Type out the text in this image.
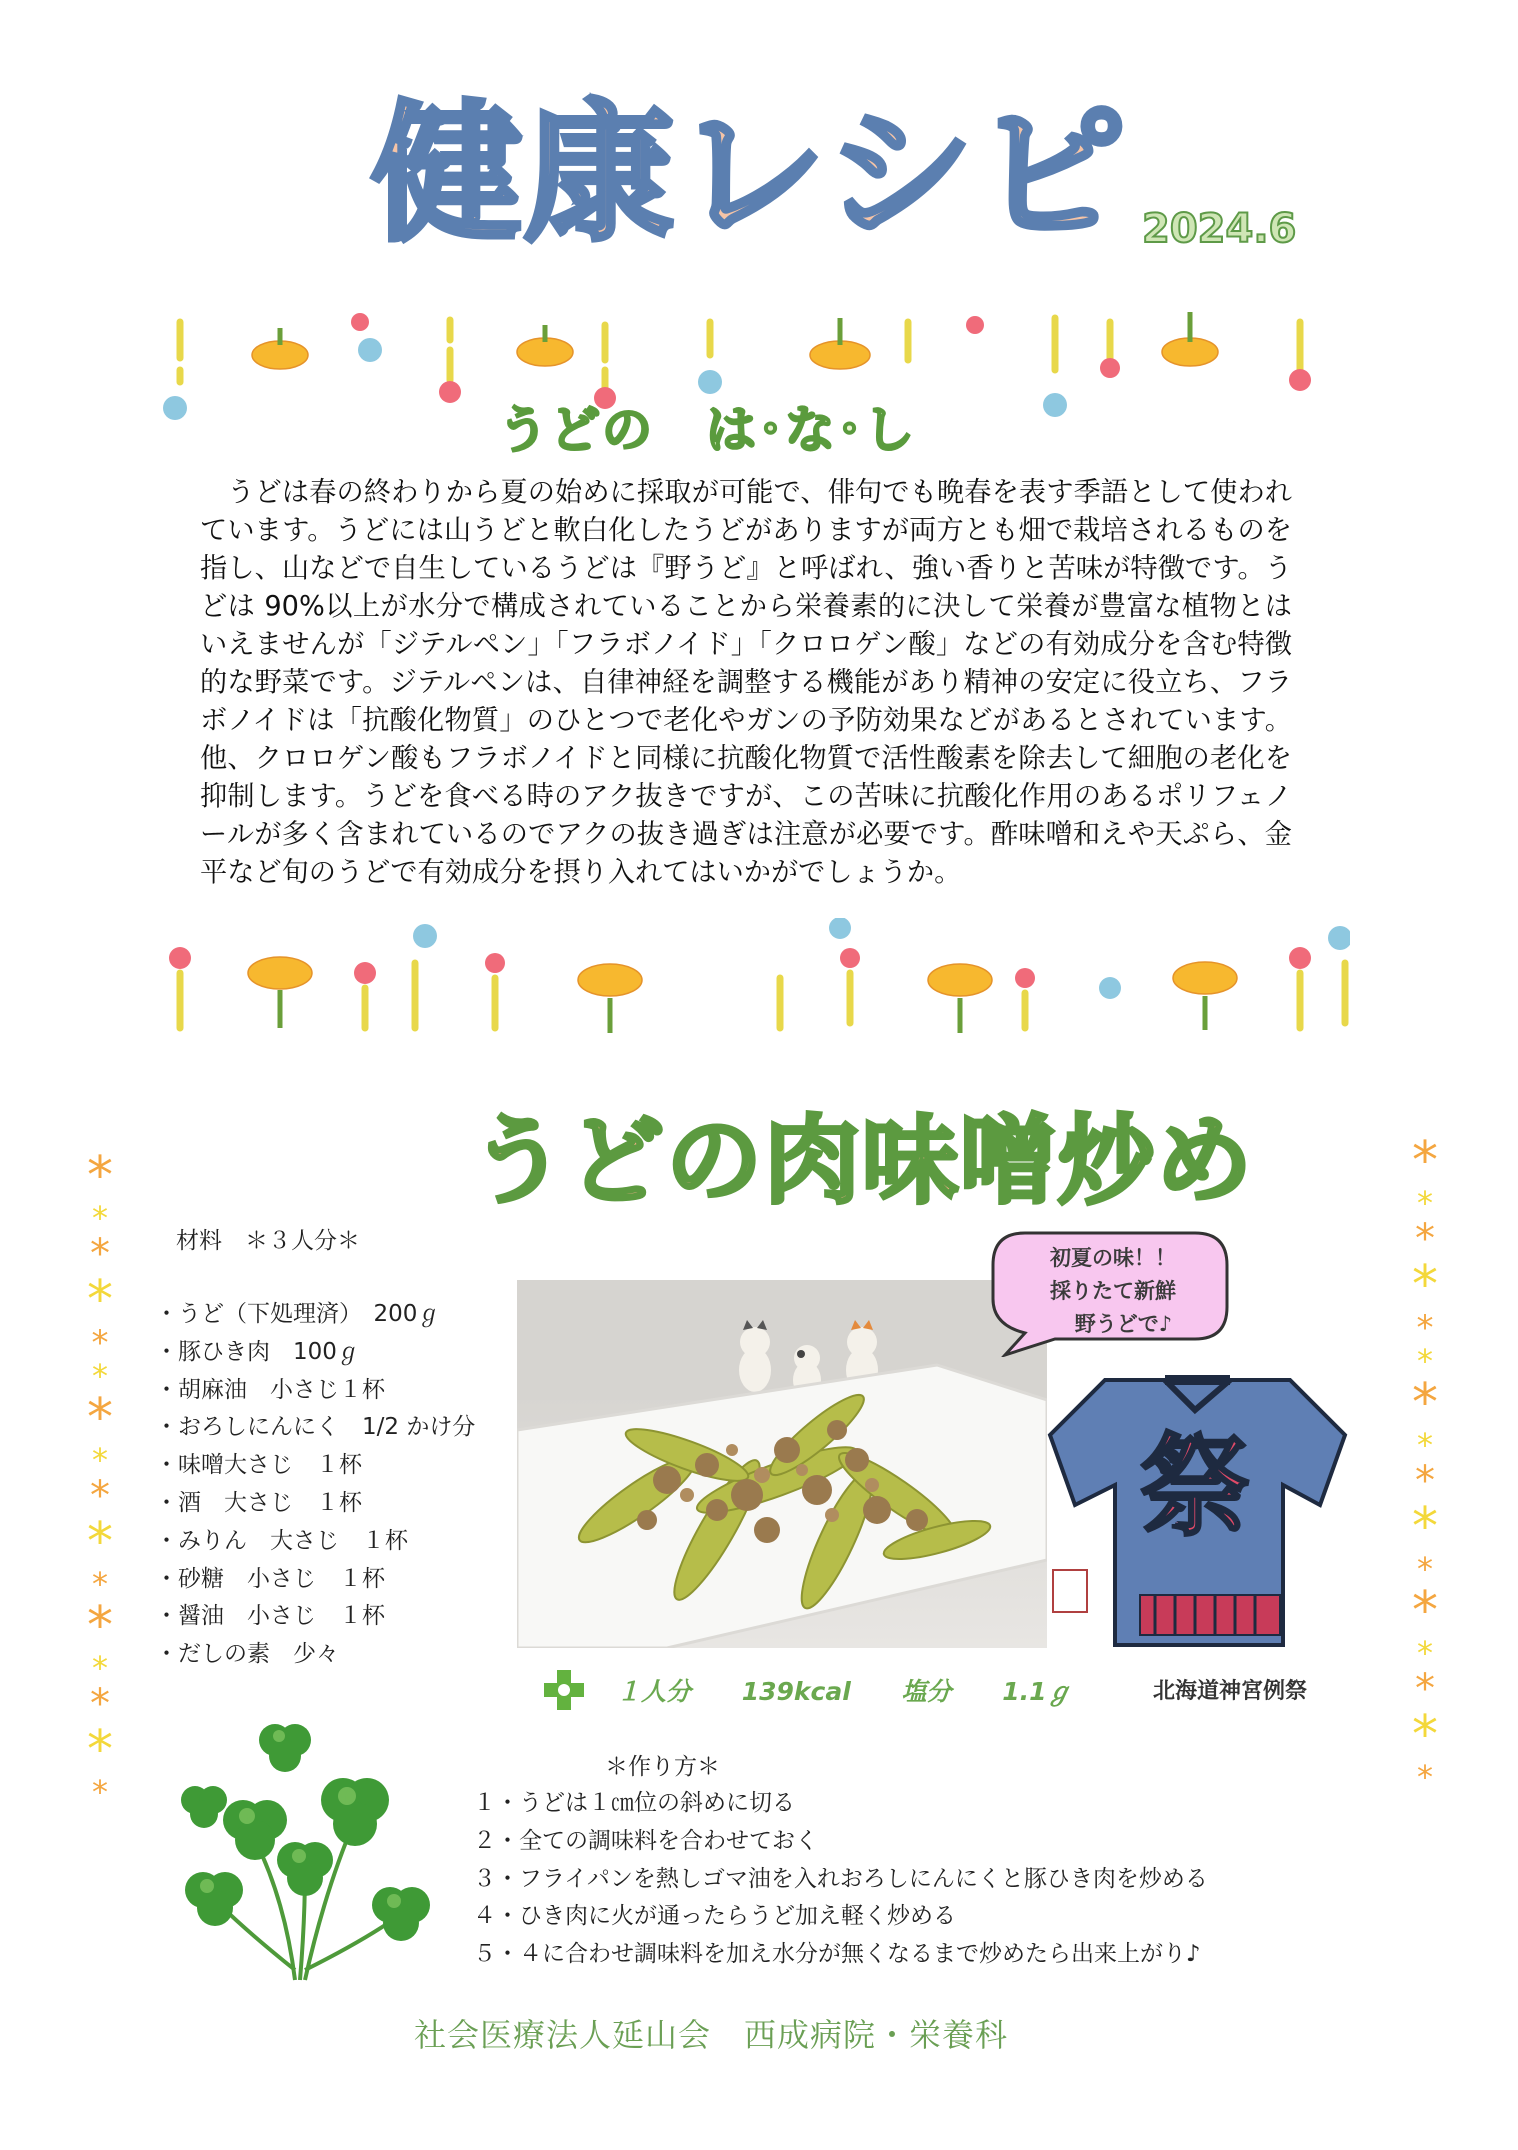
健康レシピ 2024.6
うどの　は･な･し
うどは春の終わりから夏の始めに採取が可能で、俳句でも晩春を表す季語として使われています。うどには山うどと軟白化したうどがありますが両方とも畑で栽培されるものを指し、山などで自生しているうどは『野うど』と呼ばれ、強い香りと苦味が特徴です。うどは 90%以上が水分で構成されていることから栄養素的に決して栄養が豊富な植物とはいえませんが「ジテルペン」「フラボノイド」「クロロゲン酸」などの有効成分を含む特徴的な野菜です。ジテルペンは、自律神経を調整する機能があり精神の安定に役立ち、フラボノイドは「抗酸化物質」のひとつで老化やガンの予防効果などがあるとされています。他、クロロゲン酸もフラボノイドと同様に抗酸化物質で活性酸素を除去して細胞の老化を抑制します。うどを食べる時のアク抜きですが、この苦味に抗酸化作用のあるポリフェノールが多く含まれているのでアクの抜き過ぎは注意が必要です。酢味噌和えや天ぷら、金平など旬のうどで有効成分を摂り入れてはいかがでしょうか。
*
*
*
*
*
*
*
*
*
*
*
*
*
*
*
*
*
*
*
*
*
*
*
*
*
*
*
*
*
*
*
*
うどの肉味噌炒め
材料　＊３人分＊
・ うど（下処理済）　200ℊ
・ 豚ひき肉　100ℊ
・ 胡麻油　小さじ１杯
・ おろしにんにく　1/2 かけ分
・ 味噌大さじ　１杯
・ 酒　大さじ　１杯
・ みりん　大さじ　１杯
・ 砂糖　小さじ　１杯
・ 醤油　小さじ　１杯
・ だしの素　少々
初夏の味！！
採りたて新鮮
　野うどで♪
祭
北海道神宮例祭
１人分 139kcal 塩分 1.1ℊ
＊作り方＊
１・うどは１㎝位の斜めに切る
２・全ての調味料を合わせておく
３・フライパンを熱しゴマ油を入れおろしにんにくと豚ひき肉を炒める
４・ひき肉に火が通ったらうど加え軽く炒める
５・４に合わせ調味料を加え水分が無くなるまで炒めたら出来上がり♪
社会医療法人延山会　西成病院・栄養科
